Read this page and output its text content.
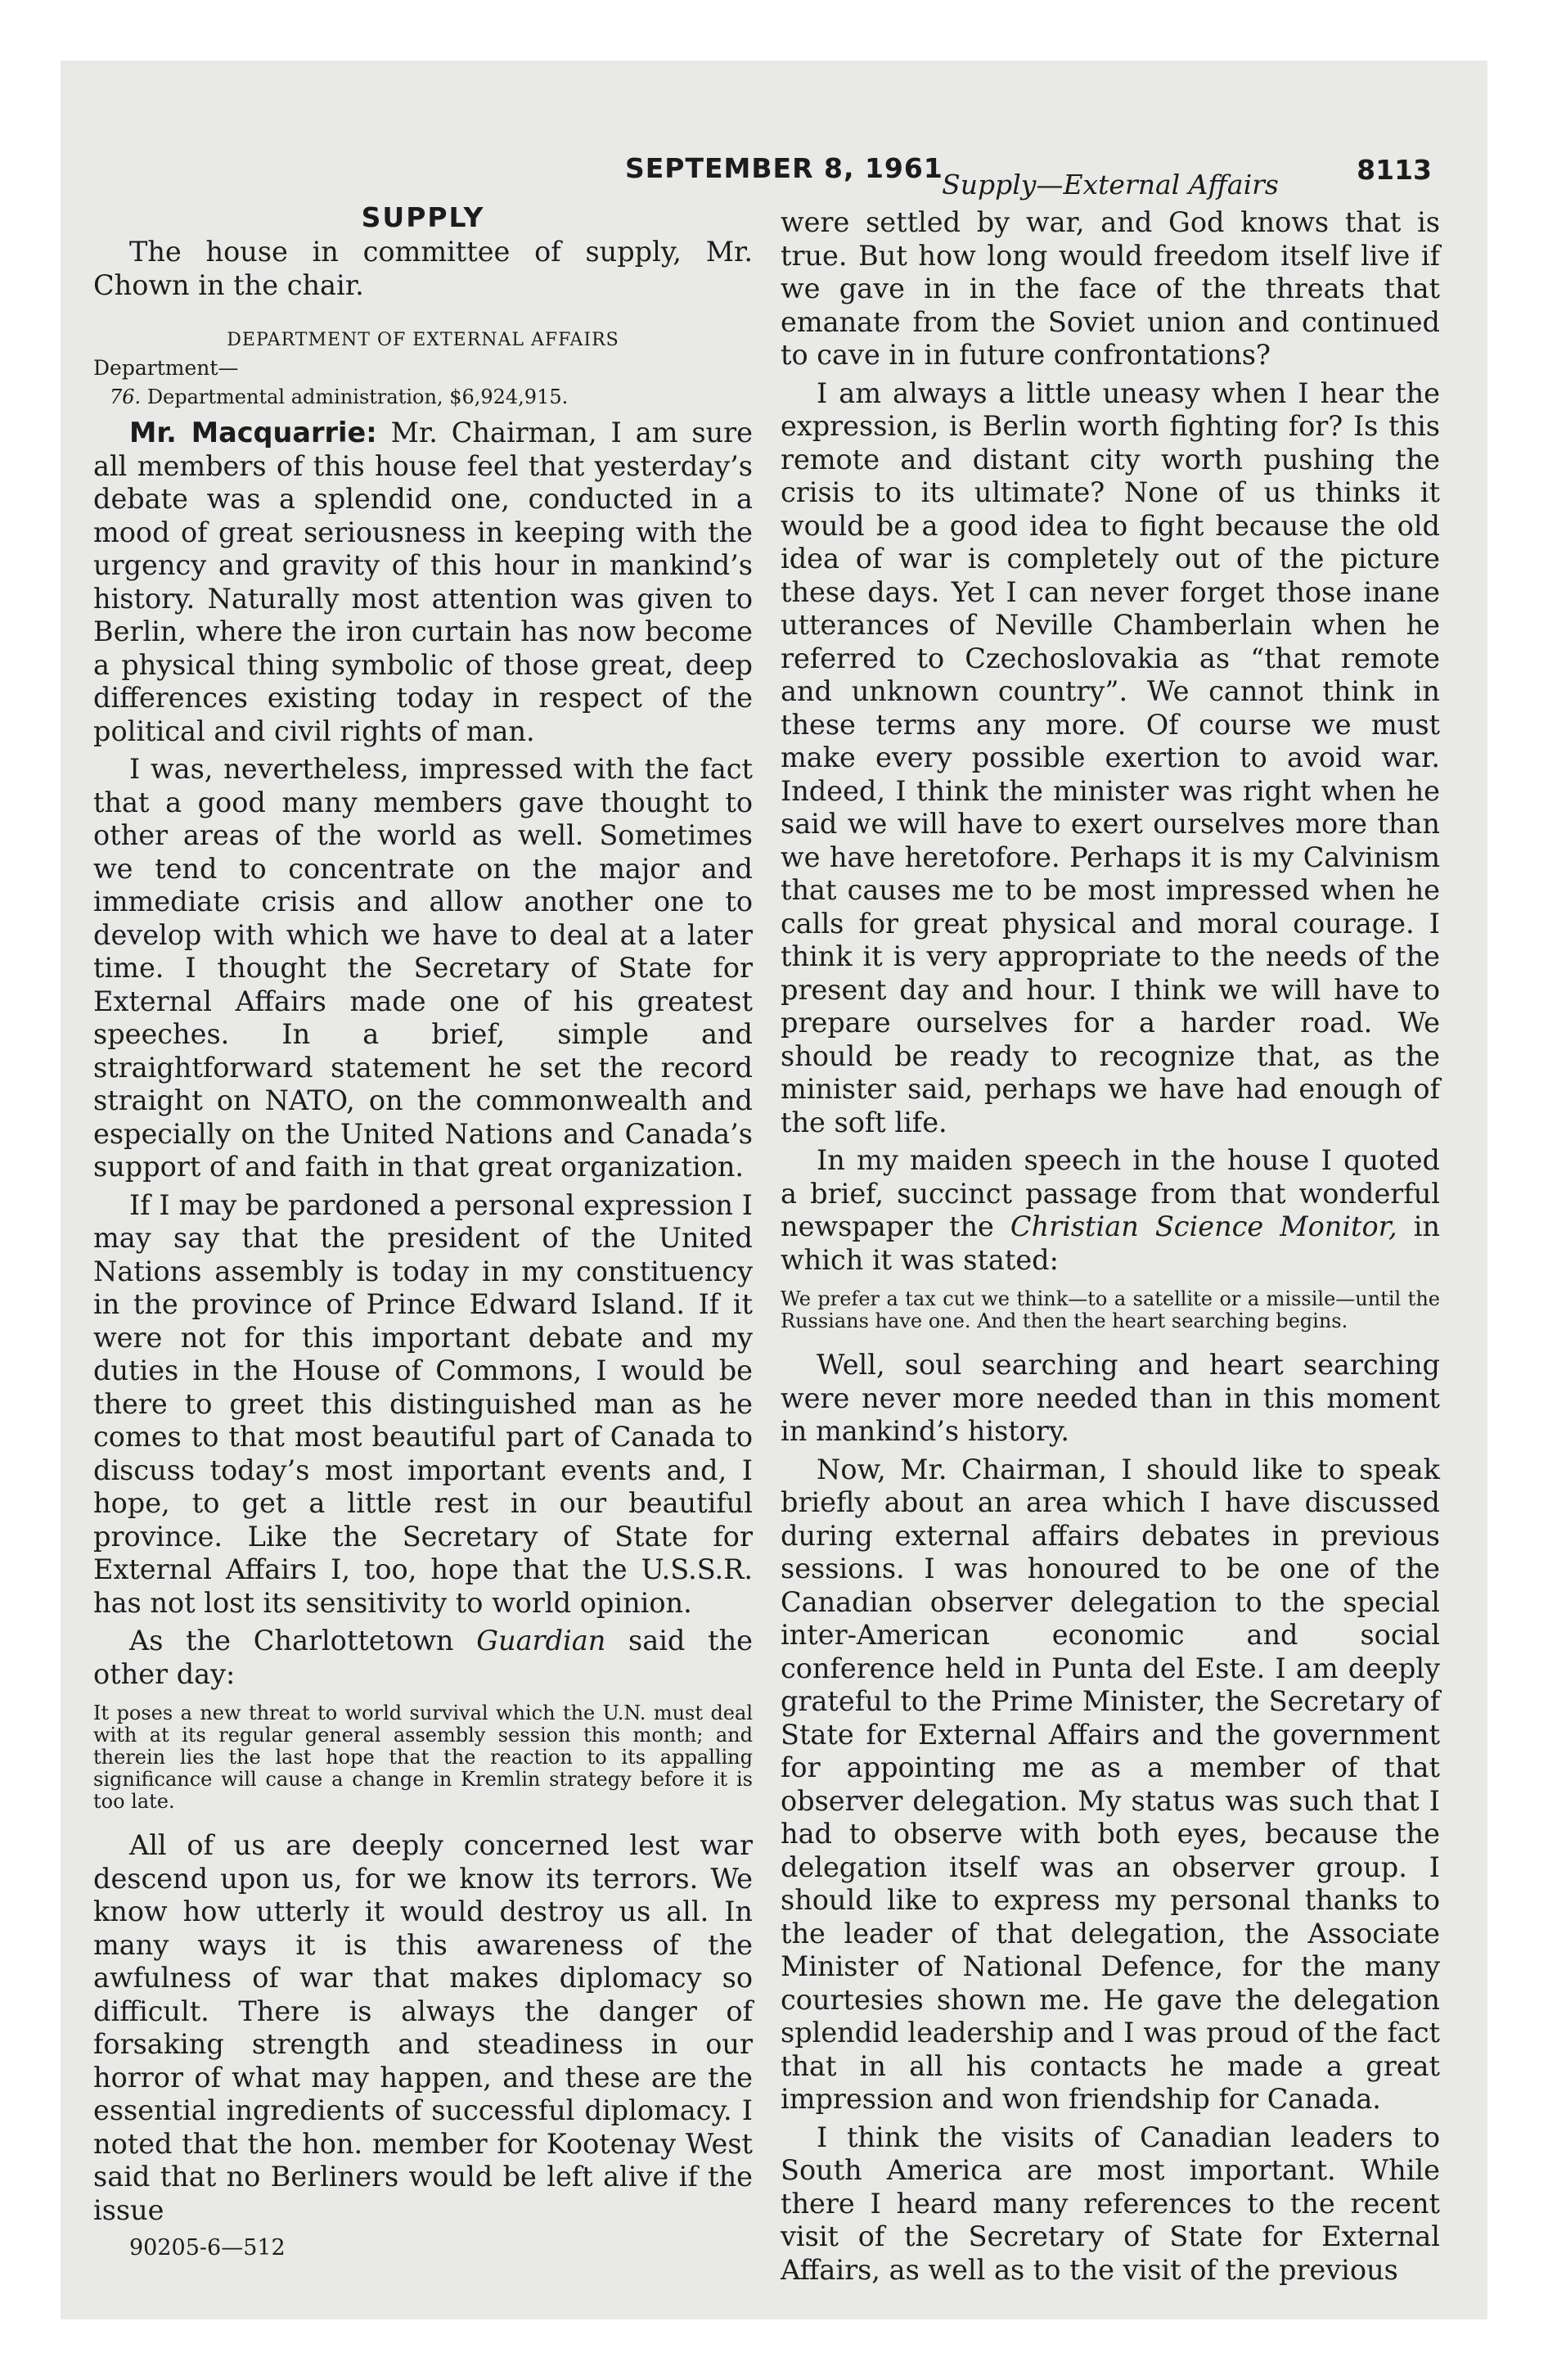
SEPTEMBER 8, 1961	8113
SUPPLY

The house in committee of supply, Mr. Chown in the chair.

DEPARTMENT OF EXTERNAL AFFAIRS
Department—
76. Departmental administration, $6,924,915.

Mr. Macquarrie: Mr. Chairman, I am sure all members of this house feel that yesterday’s debate was a splendid one, conducted in a mood of great seriousness in keeping with the urgency and gravity of this hour in mankind’s history. Naturally most attention was given to Berlin, where the iron curtain has now become a physical thing symbolic of those great, deep differences existing today in respect of the political and civil rights of man.

I was, nevertheless, impressed with the fact that a good many members gave thought to other areas of the world as well. Sometimes we tend to concentrate on the major and immediate crisis and allow another one to develop with which we have to deal at a later time. I thought the Secretary of State for External Affairs made one of his greatest speeches. In a brief, simple and straightforward statement he set the record straight on NATO, on the commonwealth and especially on the United Nations and Canada’s support of and faith in that great organization.

If I may be pardoned a personal expression I may say that the president of the United Nations assembly is today in my constituency in the province of Prince Edward Island. If it were not for this important debate and my duties in the House of Commons, I would be there to greet this distinguished man as he comes to that most beautiful part of Canada to discuss today’s most important events and, I hope, to get a little rest in our beautiful province. Like the Secretary of State for External Affairs I, too, hope that the U.S.S.R. has not lost its sensitivity to world opinion.

As the Charlottetown Guardian said the other day:

It poses a new threat to world survival which the U.N. must deal with at its regular general assembly session this month; and therein lies the last hope that the reaction to its appalling significance will cause a change in Kremlin strategy before it is too late.

All of us are deeply concerned lest war descend upon us, for we know its terrors. We know how utterly it would destroy us all. In many ways it is this awareness of the awfulness of war that makes diplomacy so difficult. There is always the danger of forsaking strength and steadiness in our horror of what may happen, and these are the essential ingredients of successful diplomacy. I noted that the hon. member for Kootenay West said that no Berliners would be left alive if the issue

90205-6—512
Supply—External Affairs

were settled by war, and God knows that is true. But how long would freedom itself live if we gave in in the face of the threats that emanate from the Soviet union and continued to cave in in future confrontations?

I am always a little uneasy when I hear the expression, is Berlin worth fighting for? Is this remote and distant city worth pushing the crisis to its ultimate? None of us thinks it would be a good idea to fight because the old idea of war is completely out of the picture these days. Yet I can never forget those inane utterances of Neville Chamberlain when he referred to Czechoslovakia as “that remote and unknown country”. We cannot think in these terms any more. Of course we must make every possible exertion to avoid war. Indeed, I think the minister was right when he said we will have to exert ourselves more than we have heretofore. Perhaps it is my Calvinism that causes me to be most impressed when he calls for great physical and moral courage. I think it is very appropriate to the needs of the present day and hour. I think we will have to prepare ourselves for a harder road. We should be ready to recognize that, as the minister said, perhaps we have had enough of the soft life.

In my maiden speech in the house I quoted a brief, succinct passage from that wonderful newspaper the Christian Science Monitor, in which it was stated:

We prefer a tax cut we think—to a satellite or a missile—until the Russians have one. And then the heart searching begins.

Well, soul searching and heart searching were never more needed than in this moment in mankind’s history.

Now, Mr. Chairman, I should like to speak briefly about an area which I have discussed during external affairs debates in previous sessions. I was honoured to be one of the Canadian observer delegation to the special inter-American economic and social conference held in Punta del Este. I am deeply grateful to the Prime Minister, the Secretary of State for External Affairs and the government for appointing me as a member of that observer delegation. My status was such that I had to observe with both eyes, because the delegation itself was an observer group. I should like to express my personal thanks to the leader of that delegation, the Associate Minister of National Defence, for the many courtesies shown me. He gave the delegation splendid leadership and I was proud of the fact that in all his contacts he made a great impression and won friendship for Canada.

I think the visits of Canadian leaders to South America are most important. While there I heard many references to the recent visit of the Secretary of State for External Affairs, as well as to the visit of the previous
